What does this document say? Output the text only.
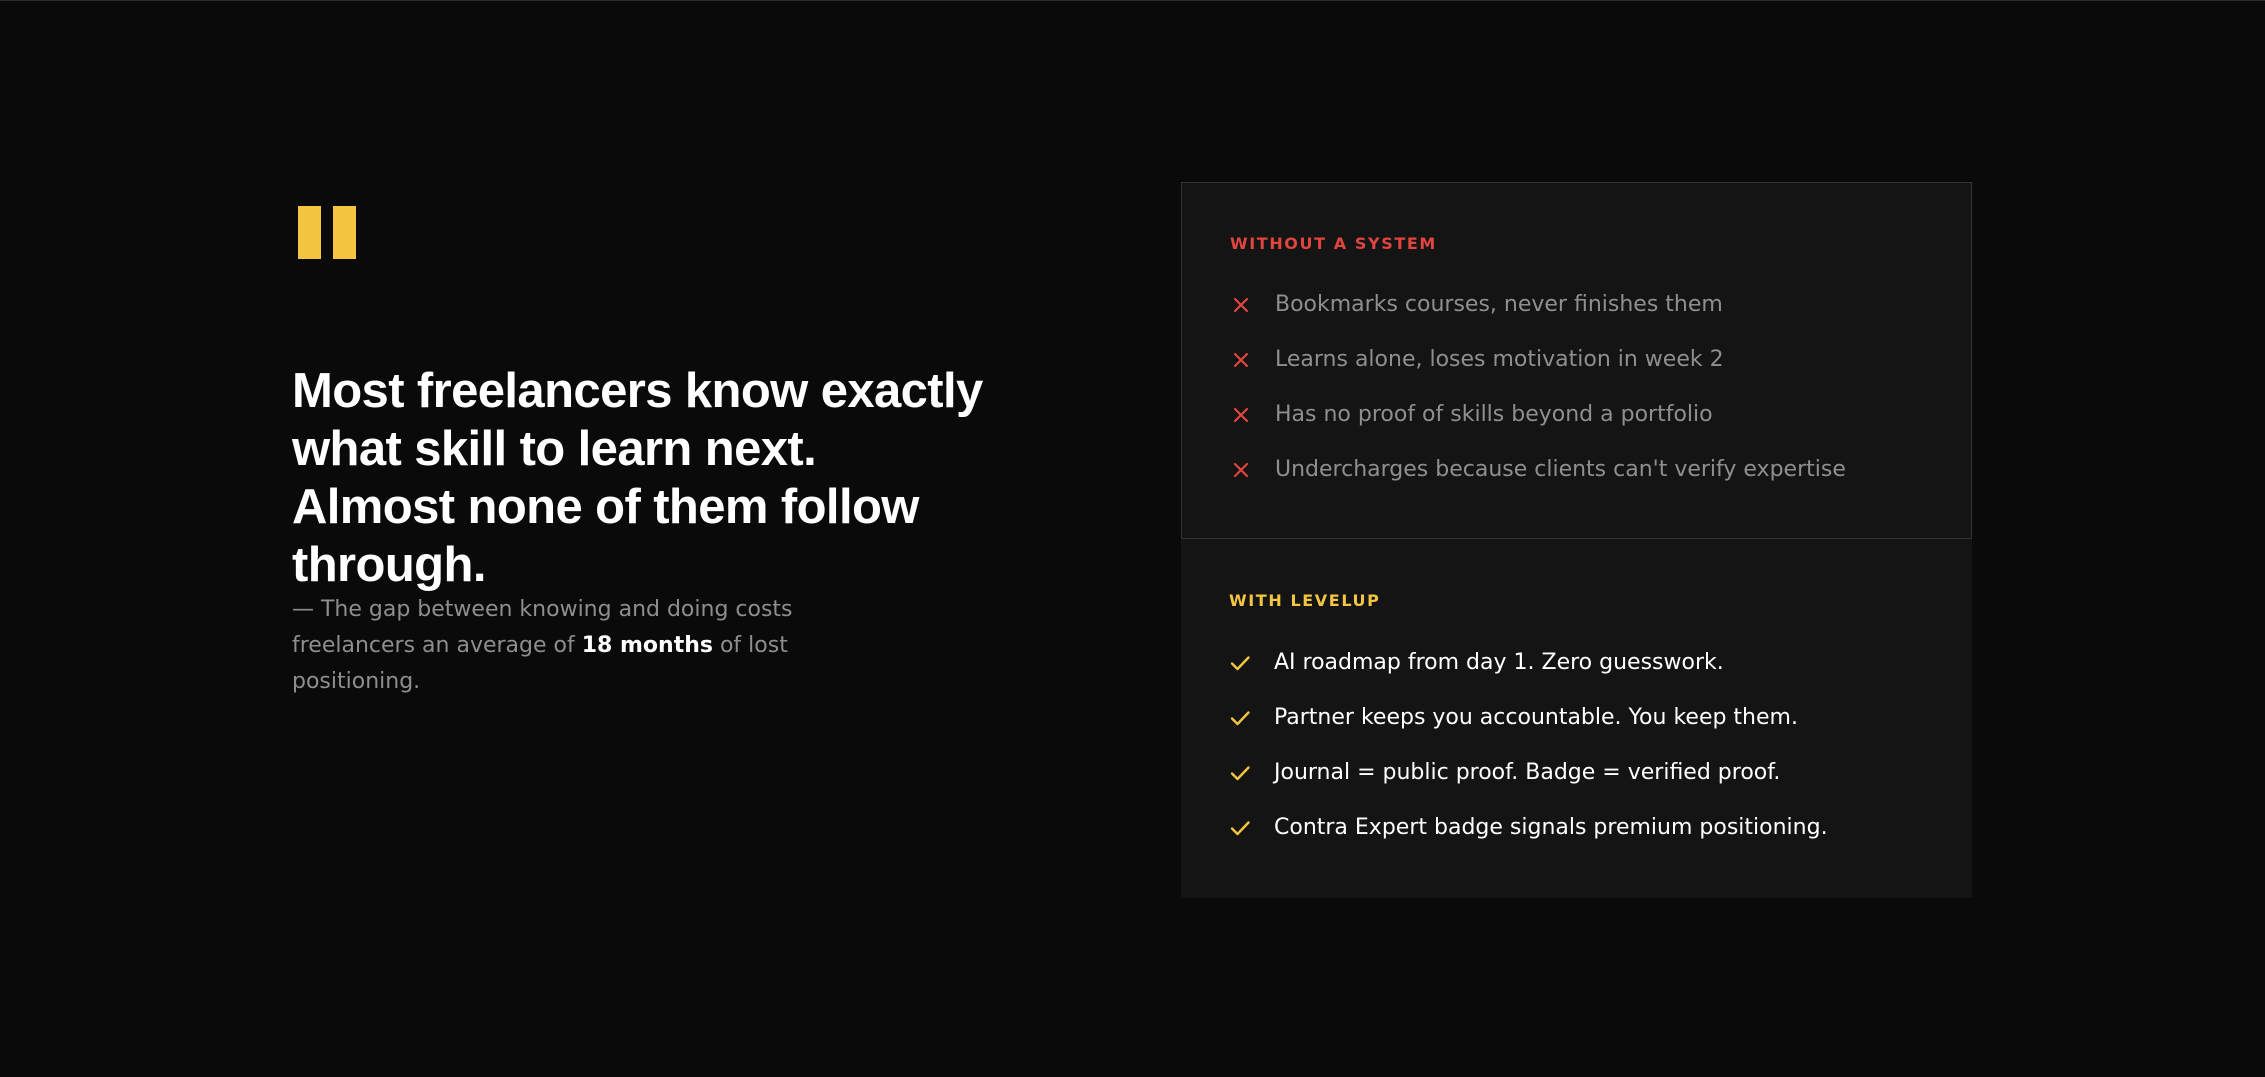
Most freelancers know exactly
what skill to learn next.
Almost none of them follow
through.

— The gap between knowing and doing costs freelancers an average of 18 months of lost positioning.

WITHOUT A SYSTEM

Bookmarks courses, never finishes them
Learns alone, loses motivation in week 2
Has no proof of skills beyond a portfolio
Undercharges because clients can't verify expertise

WITH LEVELUP

AI roadmap from day 1. Zero guesswork.
Partner keeps you accountable. You keep them.
Journal = public proof. Badge = verified proof.
Contra Expert badge signals premium positioning.
